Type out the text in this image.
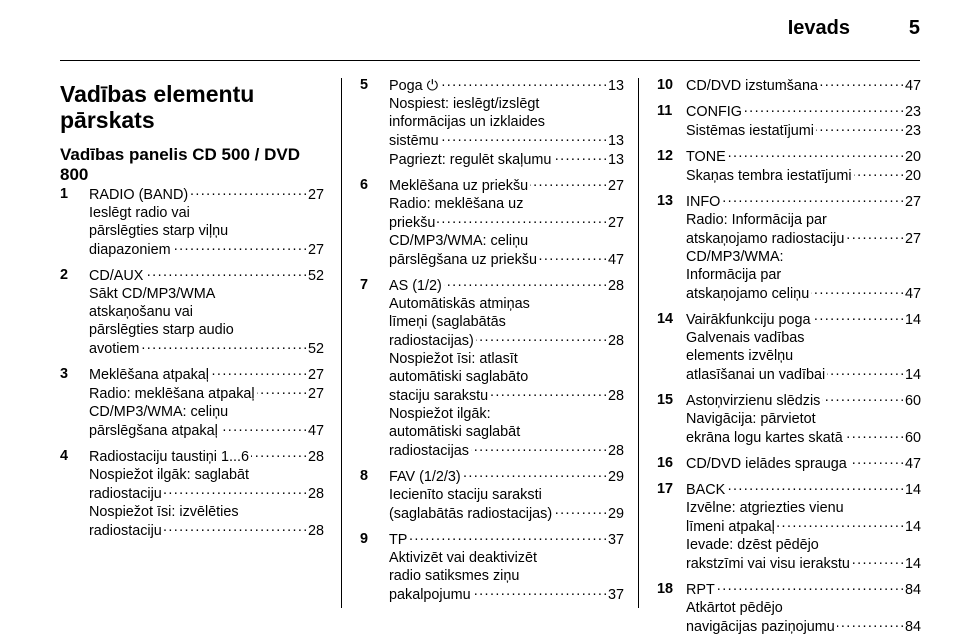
Ievads	5
Vadības elementu pārskats
Vadības panelis CD 500 / DVD 800
1	RADIO (BAND) . . .	27
Ieslēgt radio vai
pārslēgties starp viļņu
diapazoniem . . .	27
2	CD/AUX . . .	52
Sākt CD/MP3/WMA
atskaņošanu vai
pārslēgties starp audio
avotiem . . .	52
3	Meklēšana atpakaļ . . .	27
Radio: meklēšana atpakaļ . . .	27
CD/MP3/WMA: celiņu
pārslēgšana atpakaļ . . .	47
4	Radiostaciju taustiņi 1...6 . . .	28
Nospiežot ilgāk: saglabāt
radiostaciju . . .	28
Nospiežot īsi: izvēlēties
radiostaciju . . .	28
5	Poga ⏻ . . .	13
Nospiest: ieslēgt/izslēgt
informācijas un izklaides
sistēmu . . .	13
Pagriezt: regulēt skaļumu . . .	13
6	Meklēšana uz priekšu . . .	27
Radio: meklēšana uz
priekšu . . .	27
CD/MP3/WMA: celiņu
pārslēgšana uz priekšu . . .	47
7	AS (1/2) . . .	28
Automātiskās atmiņas
līmeņi (saglabātās
radiostacijas) . . .	28
Nospiežot īsi: atlasīt
automātiski saglabāto
staciju sarakstu . . .	28
Nospiežot ilgāk:
automātiski saglabāt
radiostacijas . . .	28
8	FAV (1/2/3) . . .	29
Iecienīto staciju saraksti
(saglabātās radiostacijas) . . .	29
9	TP . . .	37
Aktivizēt vai deaktivizēt
radio satiksmes ziņu
pakalpojumu . . .	37
10 CD/DVD izstumšana . . .	47
11 CONFIG . . .	23
Sistēmas iestatījumi . . .	23
12 TONE . . .	20
Skaņas tembra iestatījumi . . .	20
13 INFO . . .	27
Radio: Informācija par
atskaņojamo radiostaciju . . .	27
CD/MP3/WMA:
Informācija par
atskaņojamo celiņu . . .	47
14 Vairākfunkciju poga . . .	14
Galvenais vadības
elements izvēlņu
atlasīšanai un vadībai . . .	14
15 Astoņvirzienu slēdzis . . .	60
Navigācija: pārvietot
ekrāna logu kartes skatā . . .	60
16 CD/DVD ielādes sprauga . . .	47
17 BACK . . .	14
Izvēlne: atgriezties vienu
līmeni atpakaļ . . .	14
Ievade: dzēst pēdējo
rakstzīmi vai visu ierakstu . . .	14
18 RPT . . .	84
Atkārtot pēdējo
navigācijas paziņojumu . . .	84
